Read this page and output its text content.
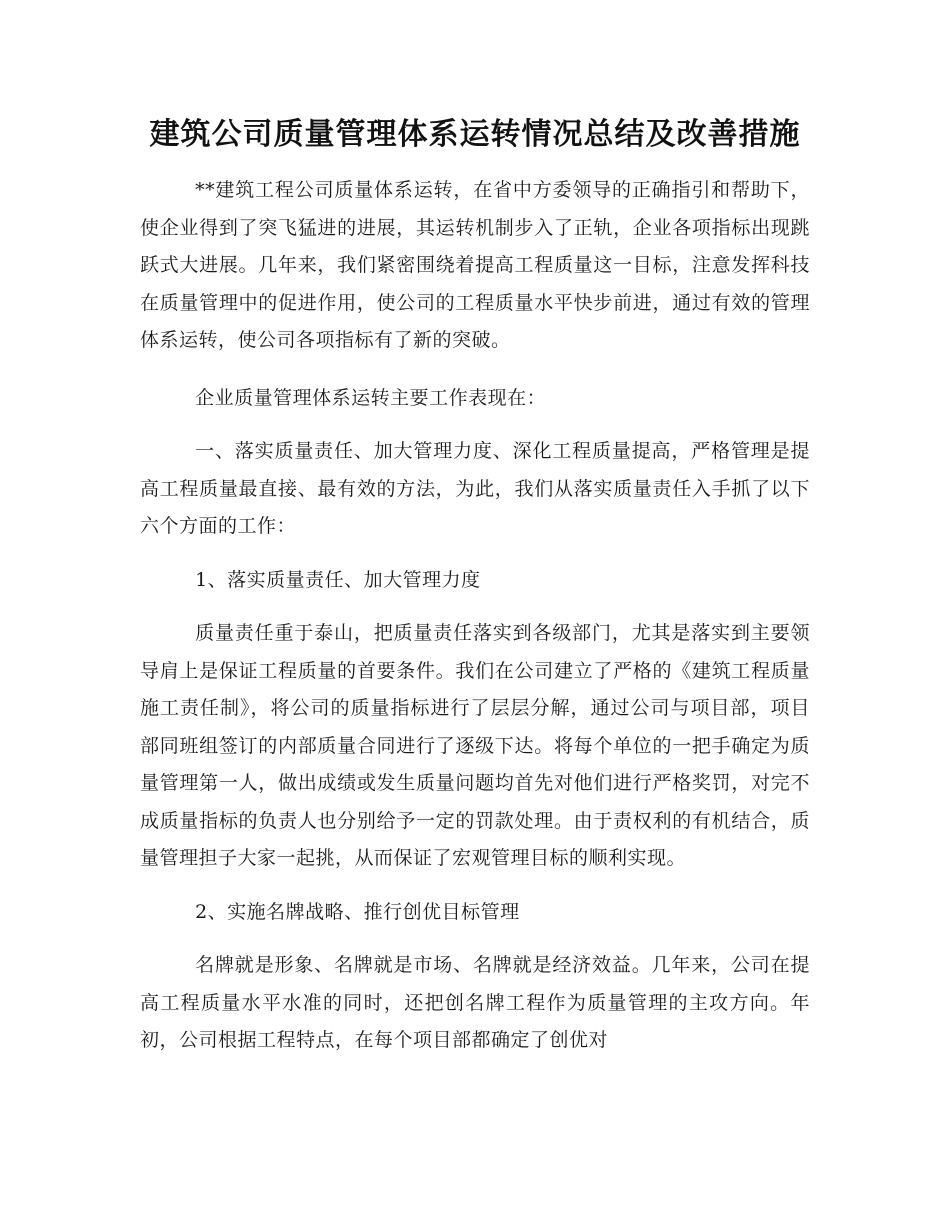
建筑公司质量管理体系运转情况总结及改善措施

**建筑工程公司质量体系运转，在省中方委领导的正确指引和帮助下，使企业得到了突飞猛进的进展，其运转机制步入了正轨，企业各项指标出现跳跃式大进展。几年来，我们紧密围绕着提高工程质量这一目标，注意发挥科技在质量管理中的促进作用，使公司的工程质量水平快步前进，通过有效的管理体系运转，使公司各项指标有了新的突破。

企业质量管理体系运转主要工作表现在：

一、落实质量责任、加大管理力度、深化工程质量提高，严格管理是提高工程质量最直接、最有效的方法，为此，我们从落实质量责任入手抓了以下六个方面的工作：

1、落实质量责任、加大管理力度

质量责任重于泰山，把质量责任落实到各级部门，尤其是落实到主要领导肩上是保证工程质量的首要条件。我们在公司建立了严格的《建筑工程质量施工责任制》，将公司的质量指标进行了层层分解，通过公司与项目部，项目部同班组签订的内部质量合同进行了逐级下达。将每个单位的一把手确定为质量管理第一人，做出成绩或发生质量问题均首先对他们进行严格奖罚，对完不成质量指标的负责人也分别给予一定的罚款处理。由于责权利的有机结合，质量管理担子大家一起挑，从而保证了宏观管理目标的顺利实现。

2、实施名牌战略、推行创优目标管理

名牌就是形象、名牌就是市场、名牌就是经济效益。几年来，公司在提高工程质量水平水准的同时，还把创名牌工程作为质量管理的主攻方向。年初，公司根据工程特点，在每个项目部都确定了创优对
